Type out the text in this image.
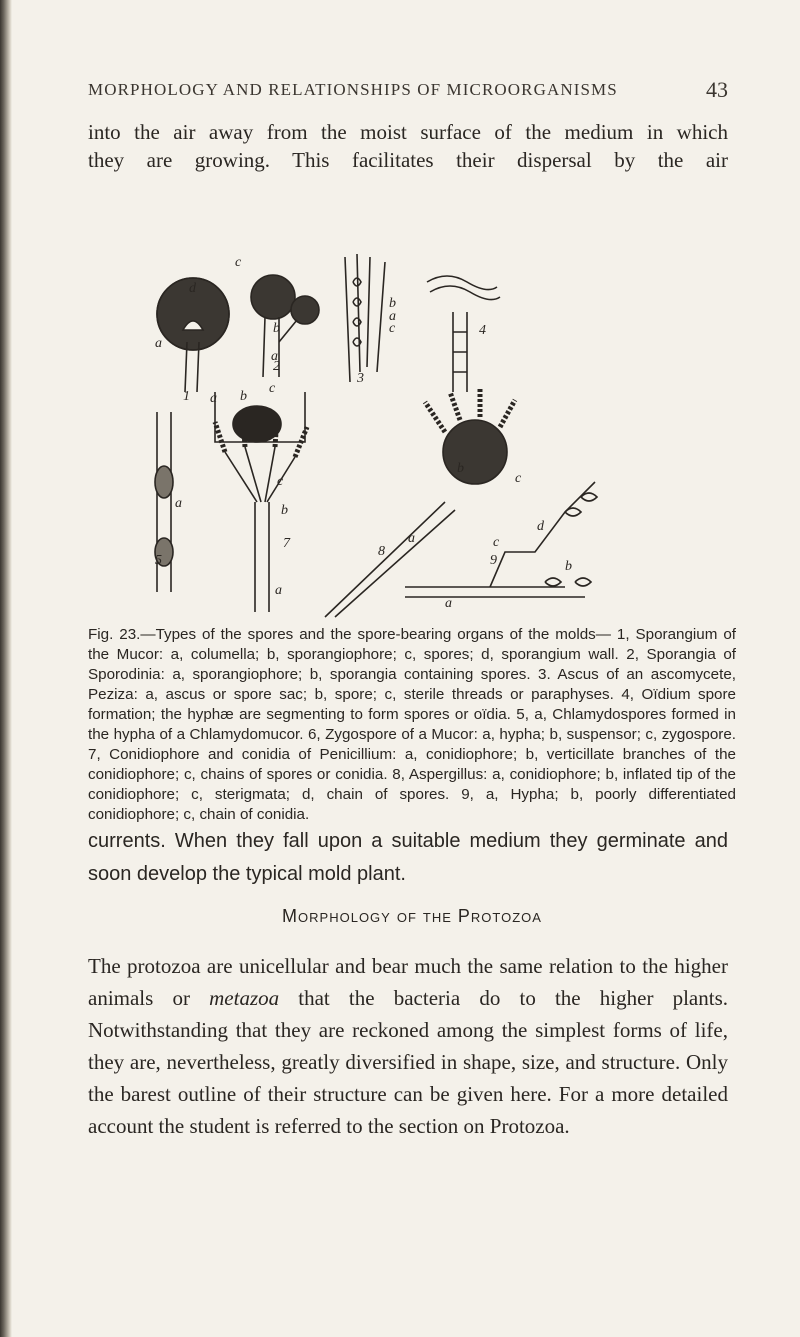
MORPHOLOGY AND RELATIONSHIPS OF MICROORGANISMS	43

into the air away from the moist surface of the medium in which
they are growing. This facilitates their dispersal by the air

a
1
d
c
b
a
2
3
b
a
c	4
a
5
a b
c
7
b
c
a
c
d
a
8
b
c
9	b
a
Fig. 23.—Types of the spores and the spore-bearing organs of the molds— 1, Sporangium of the Mucor: a, columella; b, sporangiophore; c, spores; d, sporangium wall. 2, Sporangia of Sporodinia: a, sporangiophore; b, sporangia containing spores. 3. Ascus of an ascomycete, Peziza: a, ascus or spore sac; b, spore; c, sterile threads or paraphyses. 4, Oïdium spore formation; the hyphæ are segmenting to form spores or oïdia. 5, a, Chlamydospores formed in the hypha of a Chlamydomucor. 6, Zygospore of a Mucor: a, hypha; b, suspensor; c, zygospore. 7, Conidiophore and conidia of Penicillium: a, conidiophore; b, verticillate branches of the conidiophore; c, chains of spores or conidia. 8, Aspergillus: a, conidiophore; b, inflated tip of the conidiophore; c, sterigmata; d, chain of spores. 9, a, Hypha; b, poorly differentiated conidiophore; c, chain of conidia.

currents. When they fall upon a suitable medium they germinate and soon develop the typical mold plant.

Morphology of the Protozoa

The protozoa are unicellular and bear much the same relation to the higher animals or metazoa that the bacteria do to the higher plants. Notwithstanding that they are reckoned among the simplest forms of life, they are, nevertheless, greatly diversified in shape, size, and structure. Only the barest outline of their structure can be given here. For a more detailed account the student is referred to the section on Protozoa.
